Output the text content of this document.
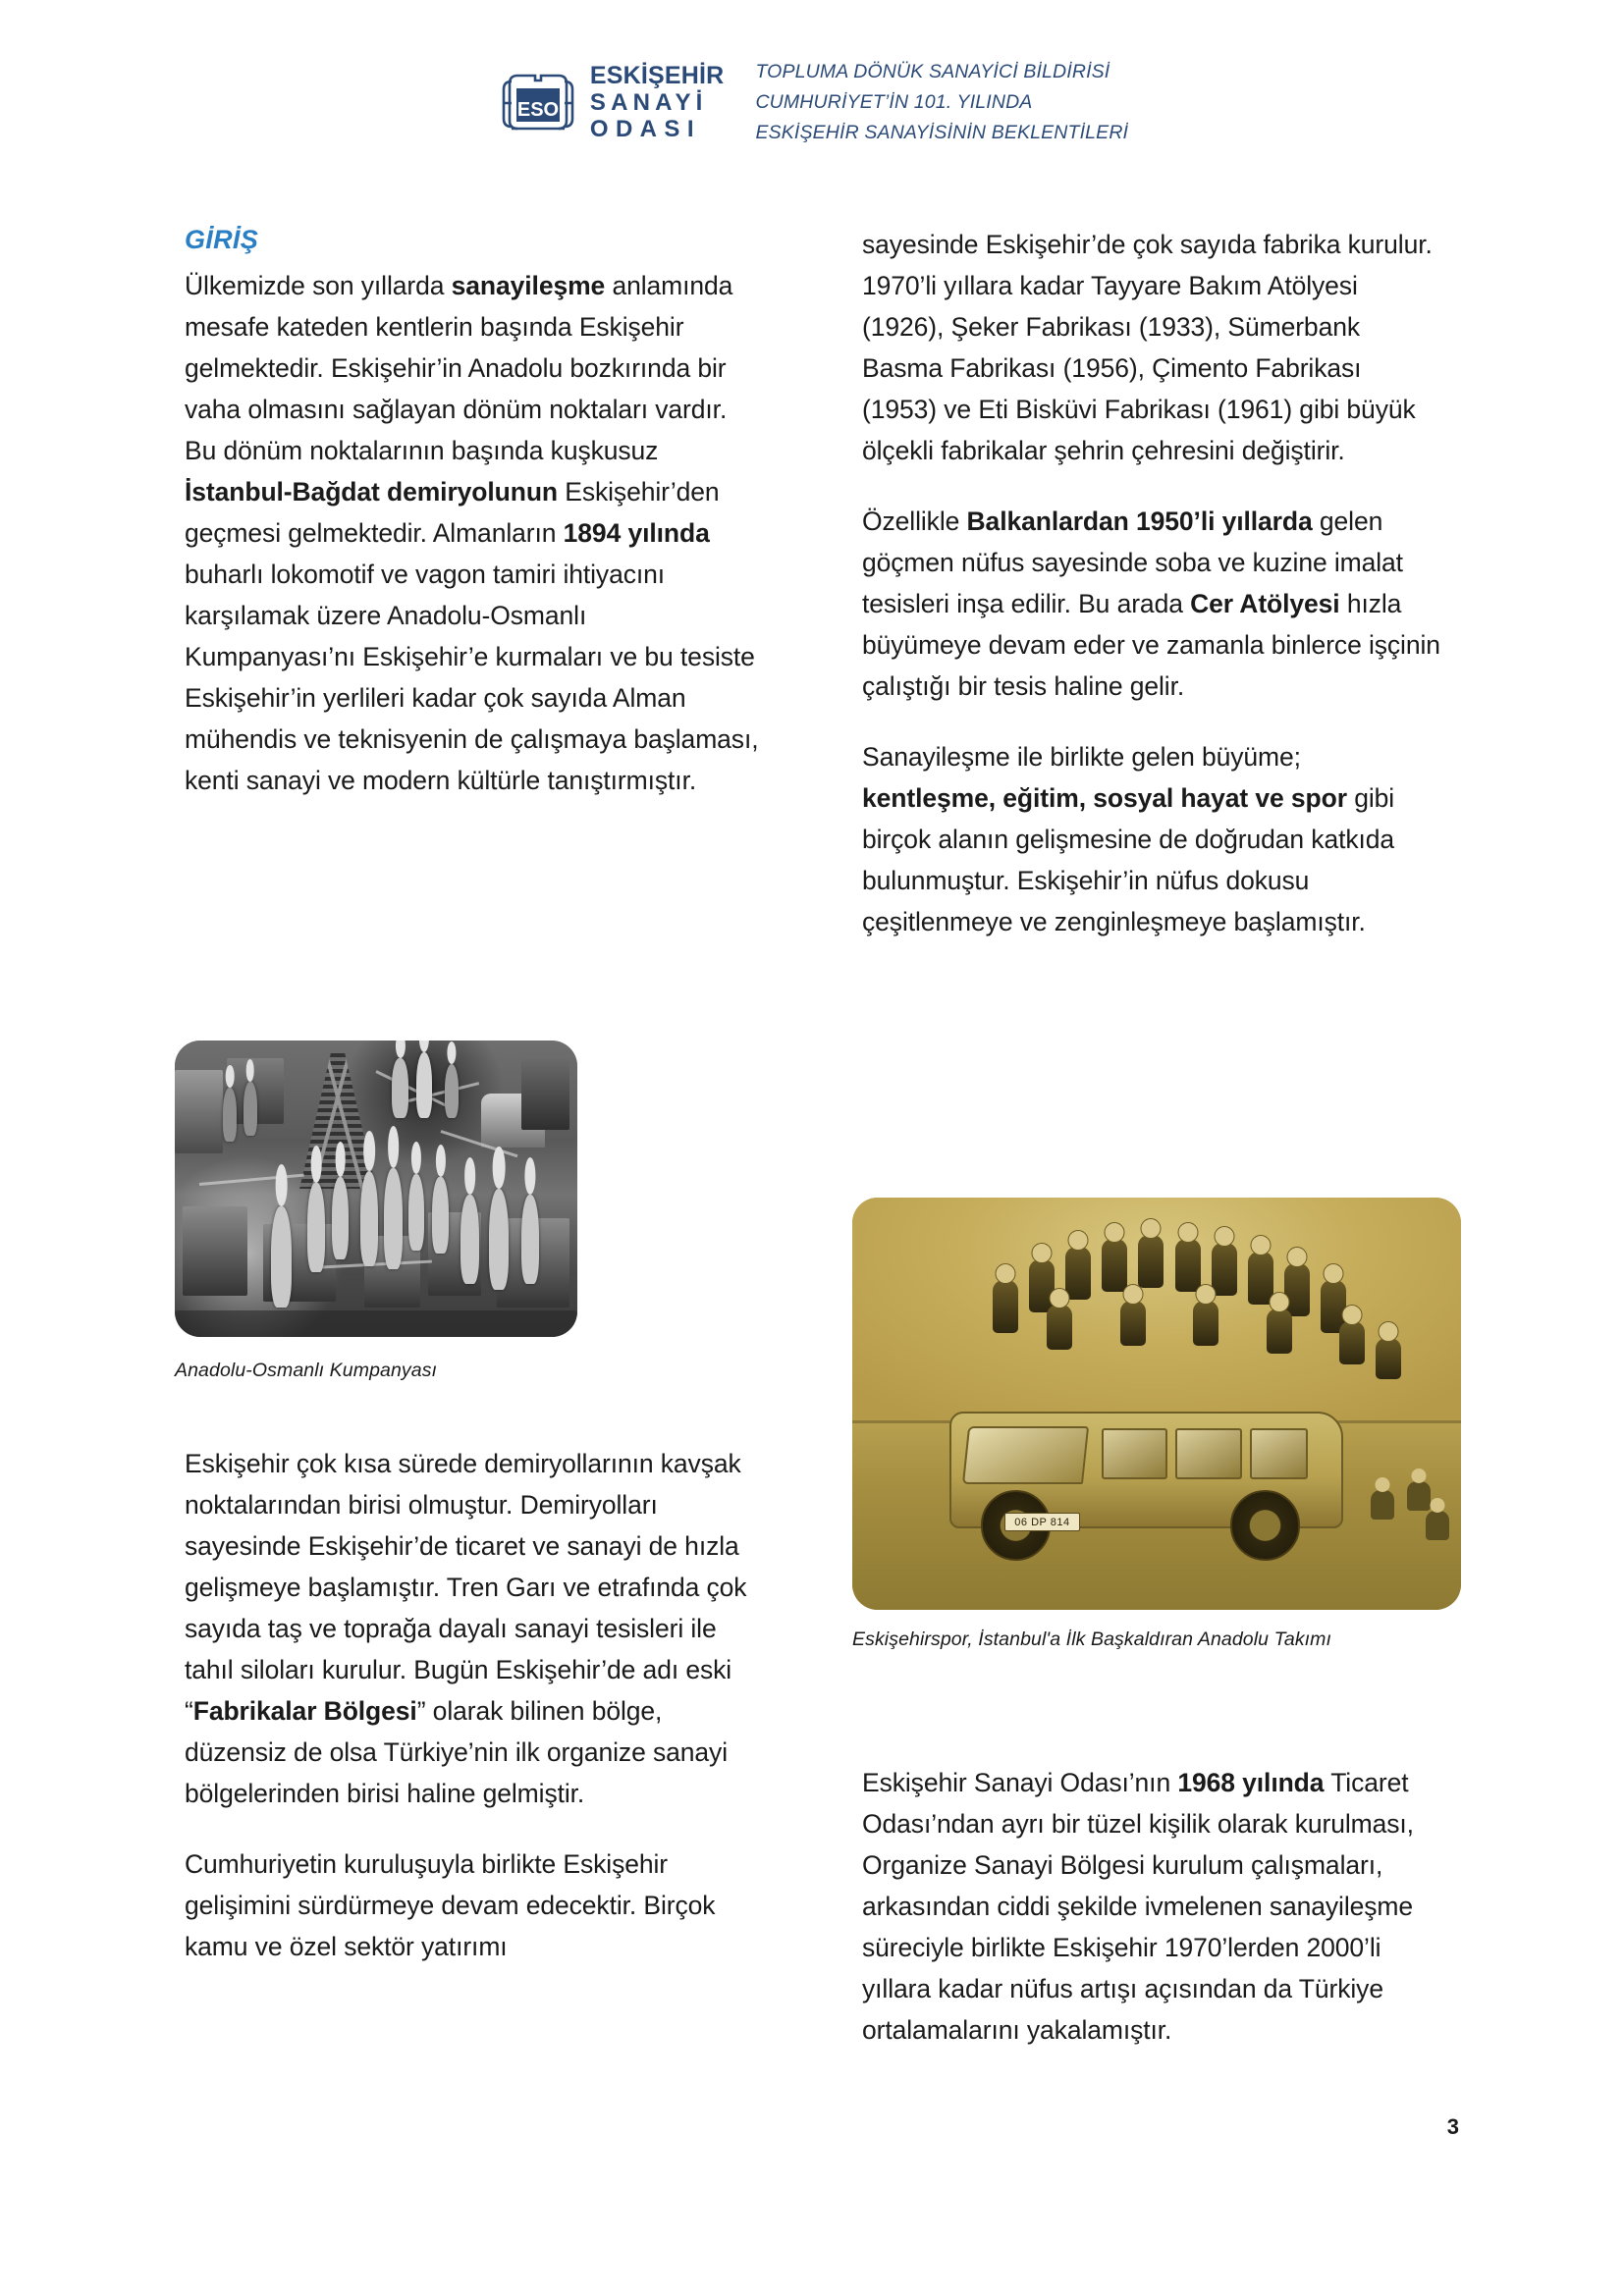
ESO
ESKİŞEHİR
SANAYİ
ODASI
TOPLUMA DÖNÜK SANAYİCİ BİLDİRİSİ
CUMHURİYET’İN 101. YILINDA
ESKİŞEHİR SANAYİSİNİN BEKLENTİLERİ
GİRİŞ

Ülkemizde son yıllarda sanayileşme anlamında mesafe kateden kentlerin başında Eskişehir gelmektedir. Eskişehir’in Anadolu bozkırında bir vaha olmasını sağlayan dönüm noktaları vardır. Bu dönüm noktalarının başında kuşkusuz İstanbul-Bağdat demiryolunun Eskişehir’den geçmesi gelmektedir. Almanların 1894 yılında buharlı lokomotif ve vagon tamiri ihtiyacını karşılamak üzere Anadolu-Osmanlı Kumpanyası’nı Eskişehir’e kurmaları ve bu tesiste Eskişehir’in yerlileri kadar çok sayıda Alman mühendis ve teknisyenin de çalışmaya başlaması, kenti sanayi ve modern kültürle tanıştırmıştır.

Anadolu-Osmanlı Kumpanyası

Eskişehir çok kısa sürede demiryollarının kavşak noktalarından birisi olmuştur. Demiryolları sayesinde Eskişehir’de ticaret ve sanayi de hızla gelişmeye başlamıştır. Tren Garı ve etrafında çok sayıda taş ve toprağa dayalı sanayi tesisleri ile tahıl siloları kurulur. Bugün Eskişehir’de adı eski “Fabrikalar Bölgesi” olarak bilinen bölge, düzensiz de olsa Türkiye’nin ilk organize sanayi bölgelerinden birisi haline gelmiştir.

Cumhuriyetin kuruluşuyla birlikte Eskişehir gelişimini sürdürmeye devam edecektir. Birçok kamu ve özel sektör yatırımı

sayesinde Eskişehir’de çok sayıda fabrika kurulur. 1970’li yıllara kadar Tayyare Bakım Atölyesi (1926), Şeker Fabrikası (1933), Sümerbank Basma Fabrikası (1956), Çimento Fabrikası (1953) ve Eti Bisküvi Fabrikası (1961) gibi büyük ölçekli fabrikalar şehrin çehresini değiştirir.

Özellikle Balkanlardan 1950’li yıllarda gelen göçmen nüfus sayesinde soba ve kuzine imalat tesisleri inşa edilir. Bu arada Cer Atölyesi hızla büyümeye devam eder ve zamanla binlerce işçinin çalıştığı bir tesis haline gelir.

Sanayileşme ile birlikte gelen büyüme; kentleşme, eğitim, sosyal hayat ve spor gibi birçok alanın gelişmesine de doğrudan katkıda bulunmuştur. Eskişehir’in nüfus dokusu çeşitlenmeye ve zenginleşmeye başlamıştır.

06 DP 814
Eskişehirspor, İstanbul'a İlk Başkaldıran Anadolu Takımı

Eskişehir Sanayi Odası’nın 1968 yılında Ticaret Odası’ndan ayrı bir tüzel kişilik olarak kurulması, Organize Sanayi Bölgesi kurulum çalışmaları, arkasından ciddi şekilde ivmelenen sanayileşme süreciyle birlikte Eskişehir 1970’lerden 2000’li yıllara kadar nüfus artışı açısından da Türkiye ortalamalarını yakalamıştır.

3
